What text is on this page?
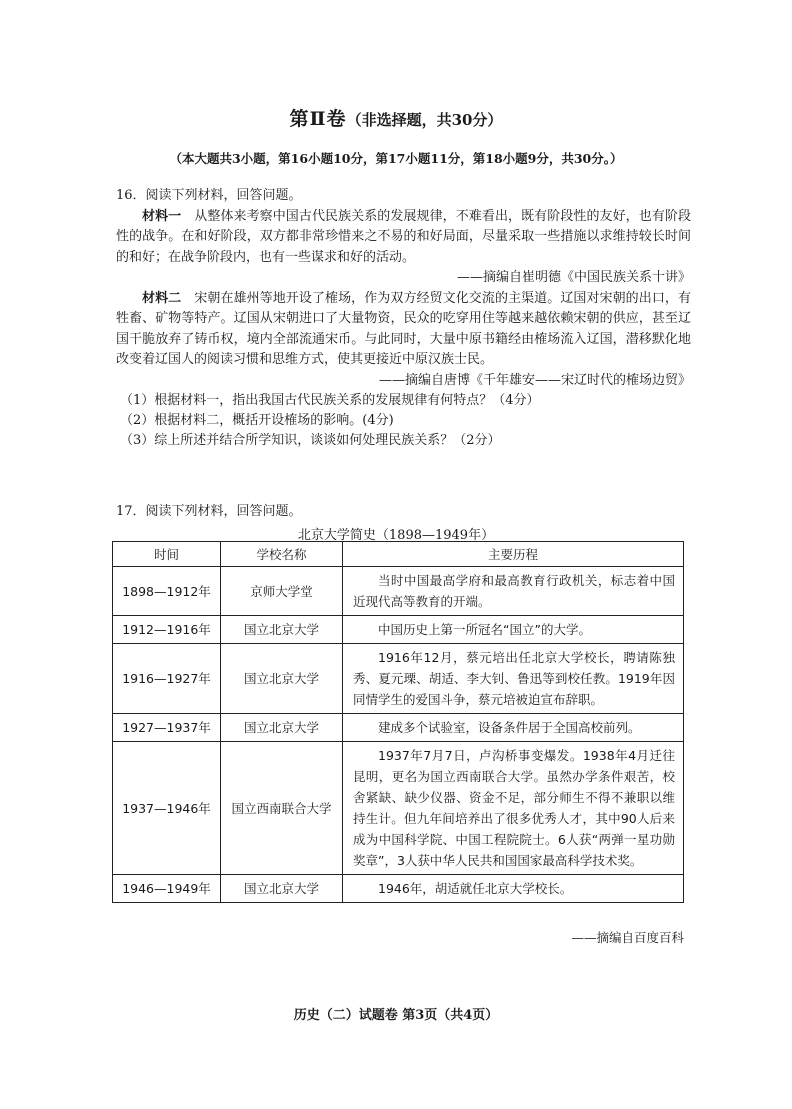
第Ⅱ卷（非选择题，共30分）
（本大题共3小题，第16小题10分，第17小题11分，第18小题9分，共30分。）

16．阅读下列材料，回答问题。

材料一　 从整体来考察中国古代民族关系的发展规律，不难看出，既有阶段性的友好，也有阶段性的战争。在和好阶段，双方都非常珍惜来之不易的和好局面，尽量采取一些措施以求维持较长时间的和好；在战争阶段内，也有一些谋求和好的活动。

——摘编自崔明德《中国民族关系十讲》

材料二　 宋朝在雄州等地开设了榷场，作为双方经贸文化交流的主渠道。辽国对宋朝的出口，有牲畜、矿物等特产。辽国从宋朝进口了大量物资，民众的吃穿用住等越来越依赖宋朝的供应，甚至辽国干脆放弃了铸币权，境内全部流通宋币。与此同时，大量中原书籍经由榷场流入辽国，潜移默化地改变着辽国人的阅读习惯和思维方式，使其更接近中原汉族士民。

——摘编自唐博《千年雄安——宋辽时代的榷场边贸》

（1）根据材料一，指出我国古代民族关系的发展规律有何特点？（4分）

（2）根据材料二，概括开设榷场的影响。(4分)

（3）综上所述并结合所学知识，谈谈如何处理民族关系？（2分）

17．阅读下列材料，回答问题。
北京大学简史（1898—1949年）
时间	学校名称	主要历程
1898—1912年	京师大学堂	当时中国最高学府和最高教育行政机关，标志着中国近现代高等教育的开端。
1912—1916年	国立北京大学	中国历史上第一所冠名“国立”的大学。
1916—1927年	国立北京大学	1916年12月，蔡元培出任北京大学校长，聘请陈独秀、夏元瑮、胡适、李大钊、鲁迅等到校任教。1919年因同情学生的爱国斗争，蔡元培被迫宣布辞职。
1927—1937年	国立北京大学	建成多个试验室，设备条件居于全国高校前列。
1937—1946年	国立西南联合大学	1937年7月7日，卢沟桥事变爆发。1938年4月迁往昆明，更名为国立西南联合大学。虽然办学条件艰苦，校舍紧缺、缺少仪器、资金不足，部分师生不得不兼职以维持生计。但九年间培养出了很多优秀人才，其中90人后来成为中国科学院、中国工程院院士。6人获“两弹一星功勋奖章”，3人获中华人民共和国国家最高科学技术奖。
1946—1949年	国立北京大学	1946年，胡适就任北京大学校长。
——摘编自百度百科
历史（二）试题卷 第3页（共4页）
